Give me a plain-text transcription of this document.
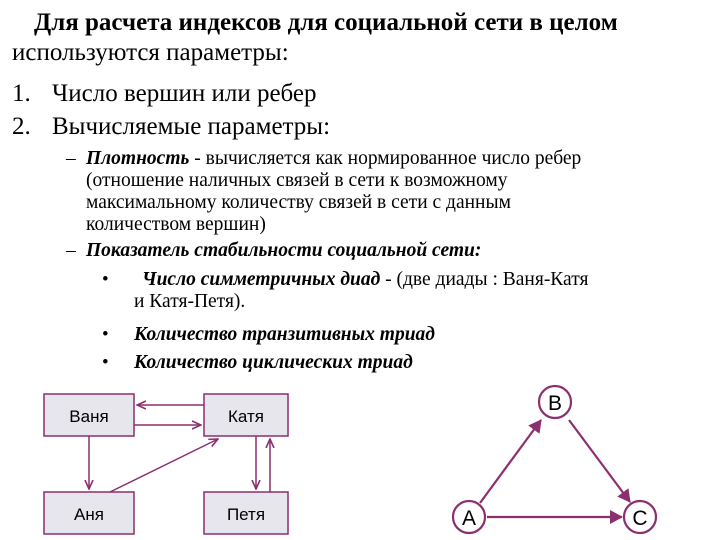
Для расчета индексов для социальной сети в целом
используются параметры:
1. Число вершин или ребер
2. Вычисляемые параметры:
– Плотность - вычисляется как нормированное число ребер
(отношение наличных связей в сети к возможному
максимальному количеству связей в сети с данным
количеством вершин)
– Показатель стабильности социальной сети:
•	Число симметричных диад - (две диады : Ваня-Катя
и Катя-Петя).
• Количество транзитивных триад
• Количество циклических триад
Ваня	Катя
Аня	Петя
B
A	C
